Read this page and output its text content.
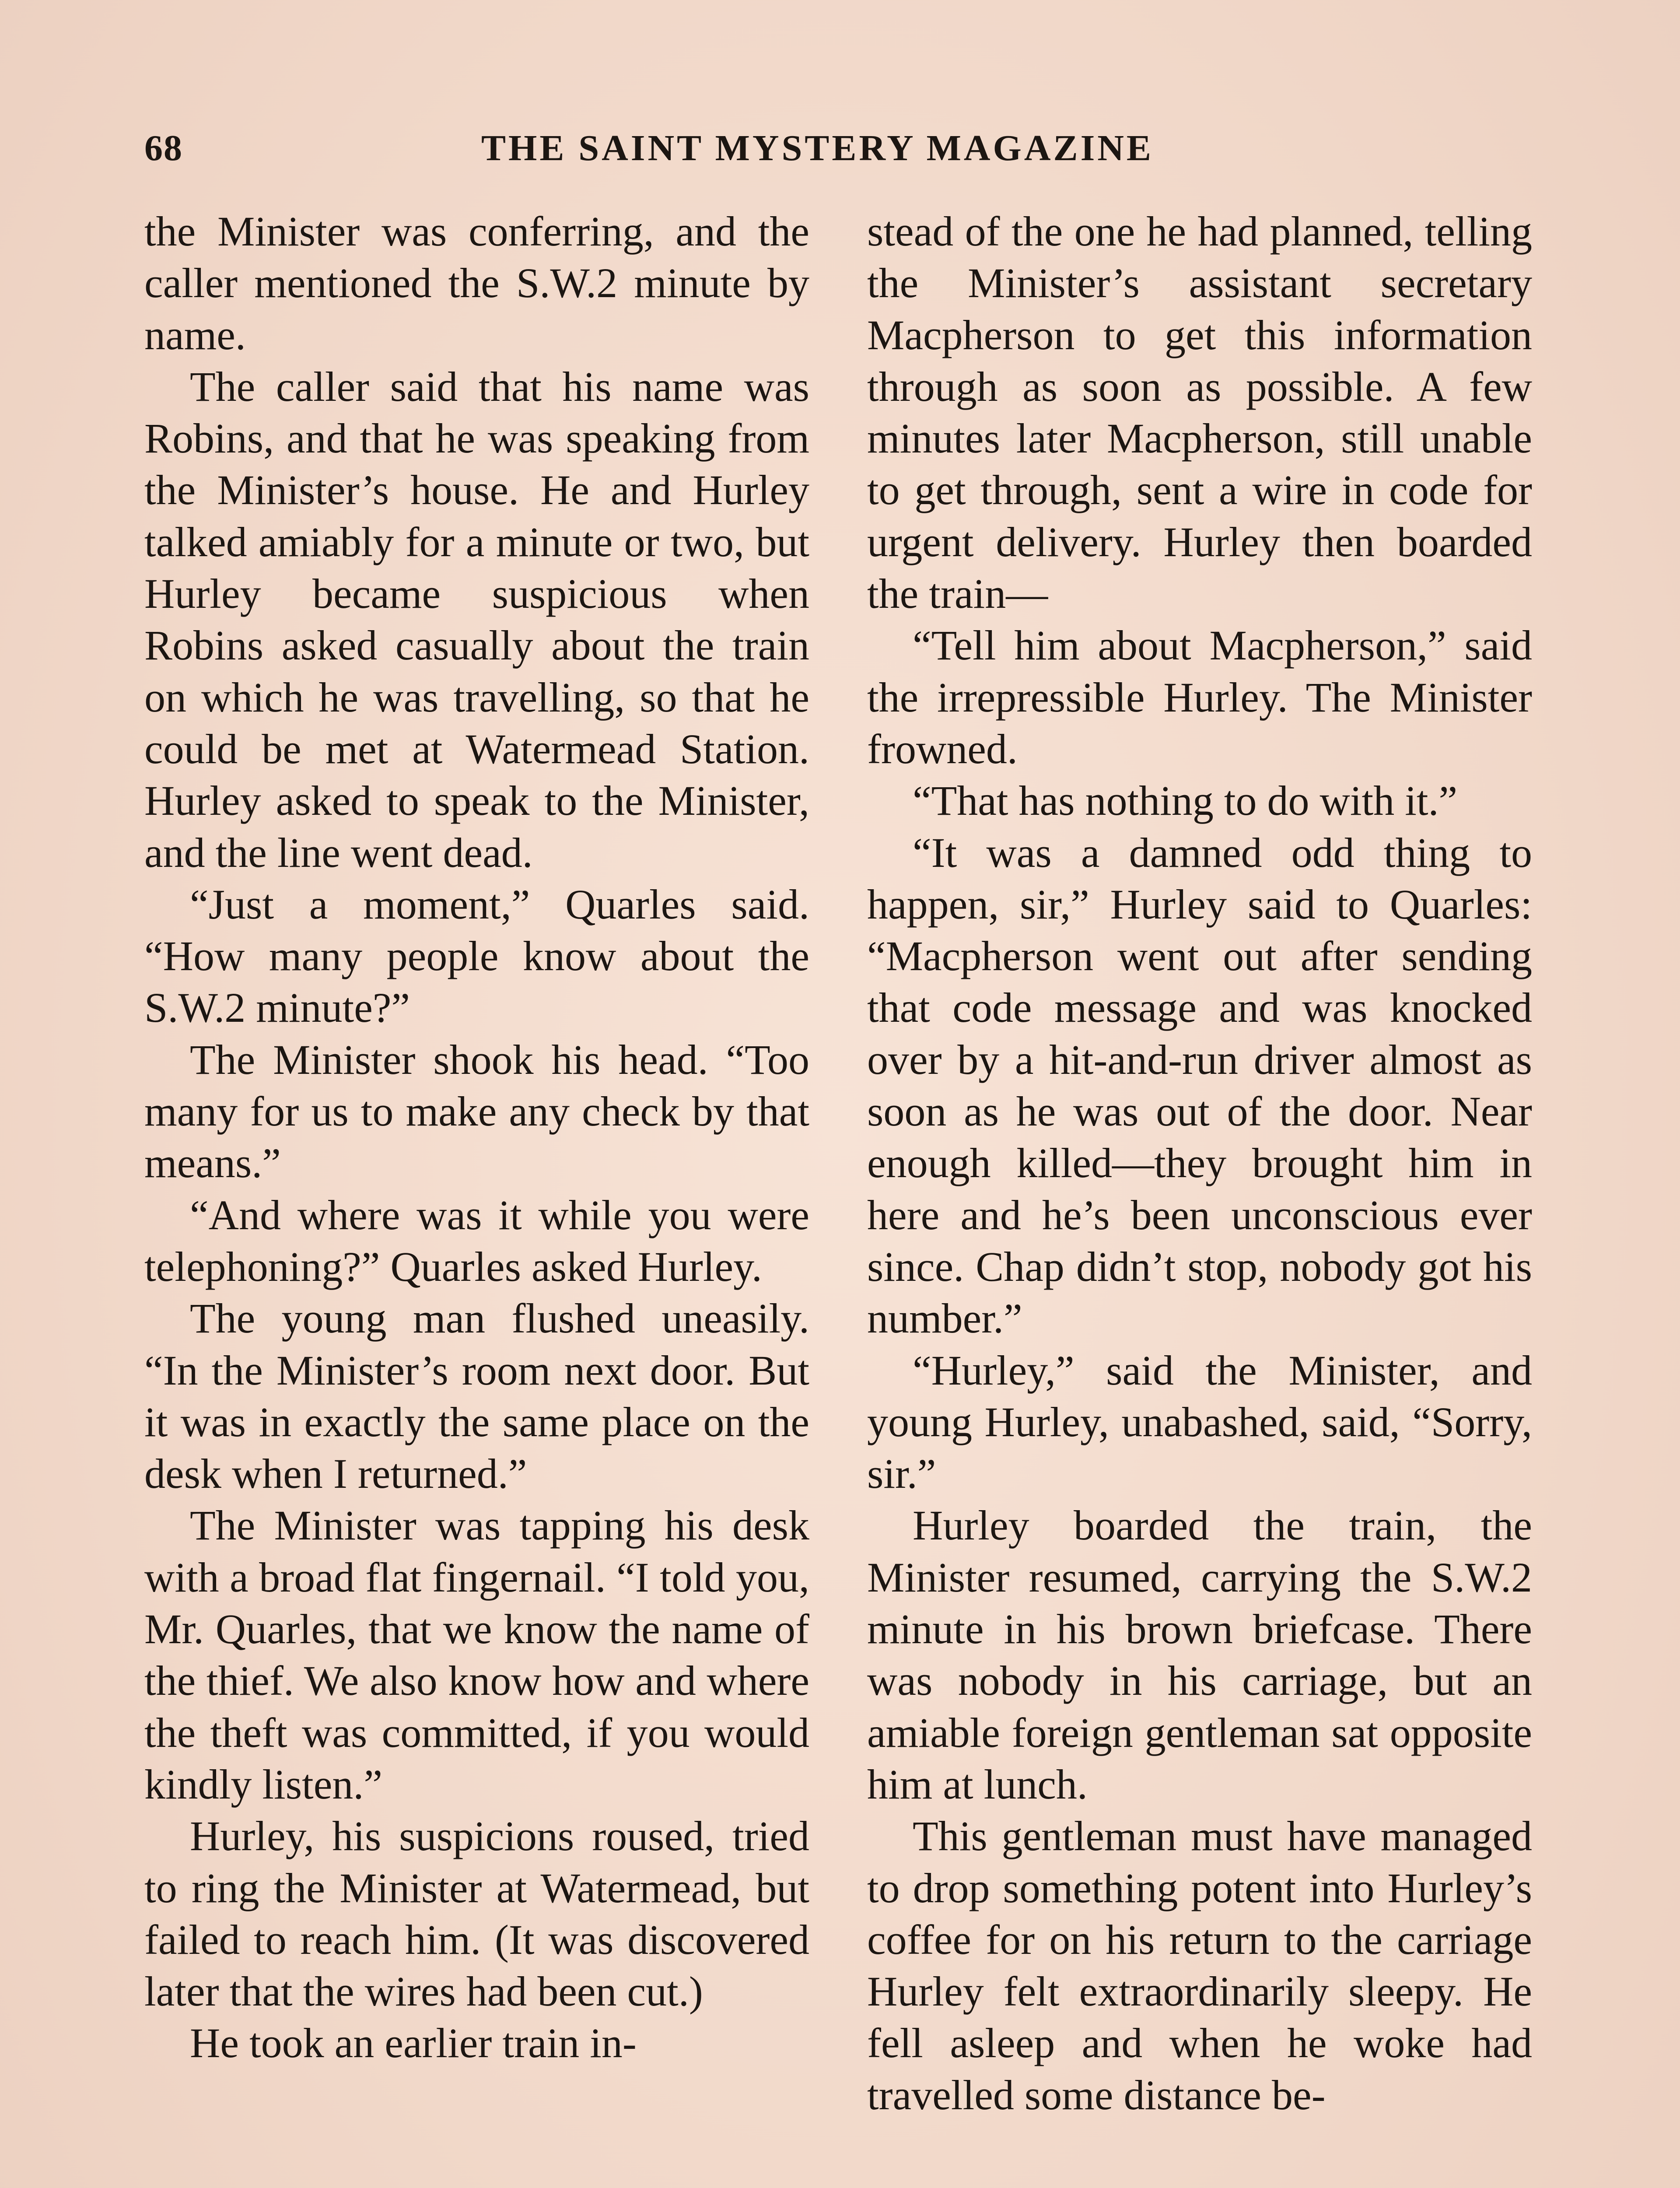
68	THE SAINT MYSTERY MAGAZINE

the Minister was conferring, and the caller mentioned the S.W.2 minute by name.

The caller said that his name was Robins, and that he was speaking from the Minister’s house. He and Hurley talked amiably for a minute or two, but Hurley became suspicious when Robins asked casually about the train on which he was travelling, so that he could be met at Watermead Station. Hurley asked to speak to the Minister, and the line went dead.

“Just a moment,” Quarles said. “How many people know about the S.W.2 minute?”

The Minister shook his head. “Too many for us to make any check by that means.”

“And where was it while you were telephoning?” Quarles asked Hurley.

The young man flushed uneasily. “In the Minister’s room next door. But it was in exactly the same place on the desk when I returned.”

The Minister was tapping his desk with a broad flat fingernail. “I told you, Mr. Quarles, that we know the name of the thief. We also know how and where the theft was committed, if you would kindly listen.”

Hurley, his suspicions roused, tried to ring the Minister at Watermead, but failed to reach him. (It was discovered later that the wires had been cut.)

He took an earlier train in-

stead of the one he had planned, telling the Minister’s assistant secretary Macpherson to get this information through as soon as possible. A few minutes later Macpherson, still unable to get through, sent a wire in code for urgent delivery. Hurley then boarded the train—

“Tell him about Macpherson,” said the irrepressible Hurley. The Minister frowned.

“That has nothing to do with it.”

“It was a damned odd thing to happen, sir,” Hurley said to Quarles: “Macpherson went out after sending that code message and was knocked over by a hit-and-run driver almost as soon as he was out of the door. Near enough killed—they brought him in here and he’s been unconscious ever since. Chap didn’t stop, nobody got his number.”

“Hurley,” said the Minister, and young Hurley, unabashed, said, “Sorry, sir.”

Hurley boarded the train, the Minister resumed, carrying the S.W.2 minute in his brown briefcase. There was nobody in his carriage, but an amiable foreign gentleman sat opposite him at lunch.

This gentleman must have managed to drop something potent into Hurley’s coffee for on his return to the carriage Hurley felt extraordinarily sleepy. He fell asleep and when he woke had travelled some distance be-
